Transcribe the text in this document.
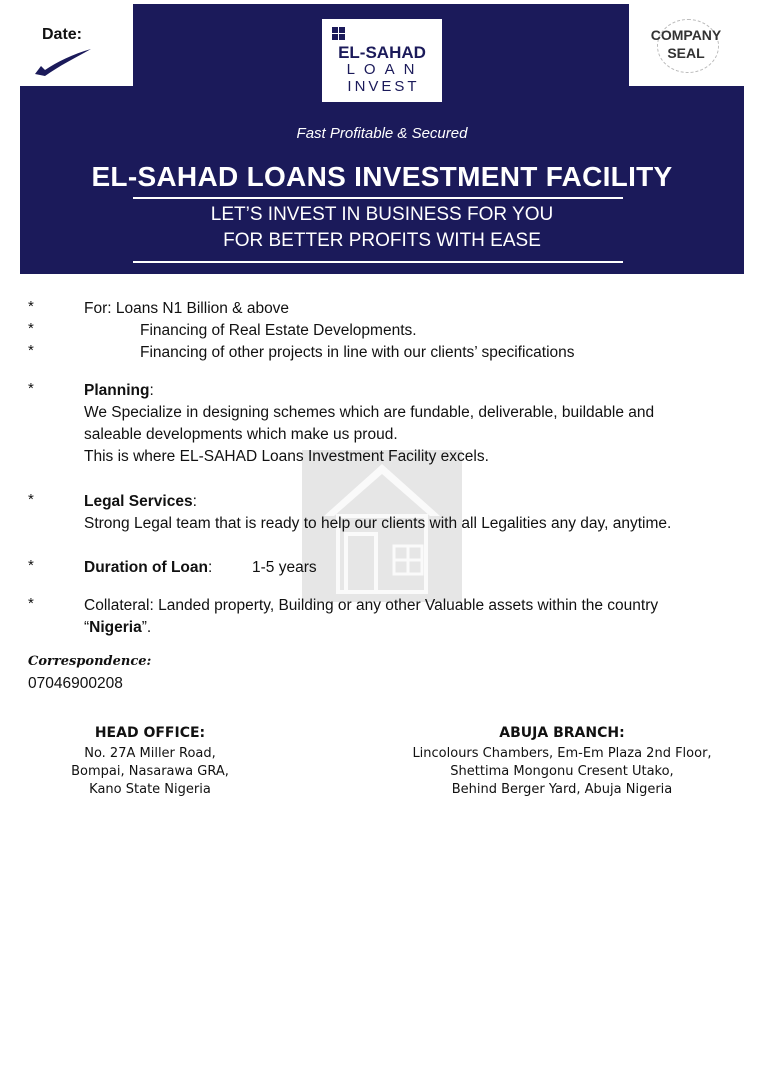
Date:	COMPANY
SEAL
EL-SAHAD
LOAN
INVEST
Fast Profitable & Secured
EL-SAHAD LOANS INVESTMENT FACILITY
LET’S INVEST IN BUSINESS FOR YOU
FOR BETTER PROFITS WITH EASE
*	For: Loans N1 Billion & above
*	Financing of Real Estate Developments.
*	Financing of other projects in line with our clients’ specifications
*	Planning:
We Specialize in designing schemes which are fundable, deliverable, buildable and
saleable developments which make us proud.
This is where EL-SAHAD Loans Investment Facility excels.
*	Legal Services:
Strong Legal team that is ready to help our clients with all Legalities any day, anytime.
*	Duration of Loan:	1-5 years
*	Collateral: Landed property, Building or any other Valuable assets within the country
“Nigeria”.
Correspondence:
07046900208
HEAD OFFICE:
No. 27A Miller Road,
Bompai, Nasarawa GRA,
Kano State Nigeria
ABUJA BRANCH:
Lincolours Chambers, Em-Em Plaza 2nd Floor,
Shettima Mongonu Cresent Utako,
Behind Berger Yard, Abuja Nigeria
